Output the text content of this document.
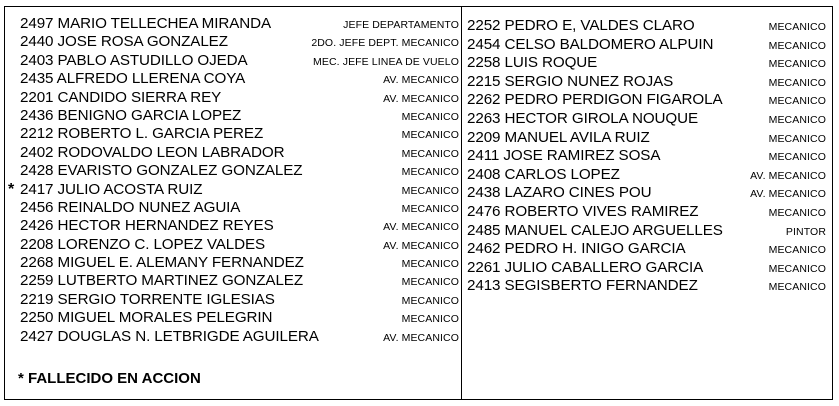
2497 MARIO TELLECHEA MIRANDA	JEFE DEPARTAMENTO
2440 JOSE ROSA GONZALEZ	2DO. JEFE DEPT. MECANICO
2403 PABLO ASTUDILLO OJEDA	MEC. JEFE LINEA DE VUELO
2435 ALFREDO LLERENA COYA	AV. MECANICO
2201 CANDIDO SIERRA REY	AV. MECANICO
2436 BENIGNO GARCIA LOPEZ	MECANICO
2212 ROBERTO L. GARCIA PEREZ	MECANICO
2402 RODOVALDO LEON LABRADOR	MECANICO
2428 EVARISTO GONZALEZ GONZALEZ	MECANICO
* 2417 JULIO ACOSTA RUIZ	MECANICO
2456 REINALDO NUNEZ AGUIA	MECANICO
2426 HECTOR HERNANDEZ REYES	AV. MECANICO
2208 LORENZO C. LOPEZ VALDES	AV. MECANICO
2268 MIGUEL E. ALEMANY FERNANDEZ	MECANICO
2259 LUTBERTO MARTINEZ GONZALEZ	MECANICO
2219 SERGIO TORRENTE IGLESIAS	MECANICO
2250 MIGUEL MORALES PELEGRIN	MECANICO
2427 DOUGLAS N. LETBRIGDE AGUILERA	AV. MECANICO
2252 PEDRO E, VALDES CLARO	MECANICO
2454 CELSO BALDOMERO ALPUIN	MECANICO
2258 LUIS ROQUE	MECANICO
2215 SERGIO NUNEZ ROJAS	MECANICO
2262 PEDRO PERDIGON FIGAROLA	MECANICO
2263 HECTOR GIROLA NOUQUE	MECANICO
2209 MANUEL AVILA RUIZ	MECANICO
2411 JOSE RAMIREZ SOSA	MECANICO
2408 CARLOS LOPEZ	AV. MECANICO
2438 LAZARO CINES POU	AV. MECANICO
2476 ROBERTO VIVES RAMIREZ	MECANICO
2485 MANUEL CALEJO ARGUELLES	PINTOR
2462 PEDRO H. INIGO GARCIA	MECANICO
2261 JULIO CABALLERO GARCIA	MECANICO
2413 SEGISBERTO FERNANDEZ	MECANICO
* FALLECIDO EN ACCION
